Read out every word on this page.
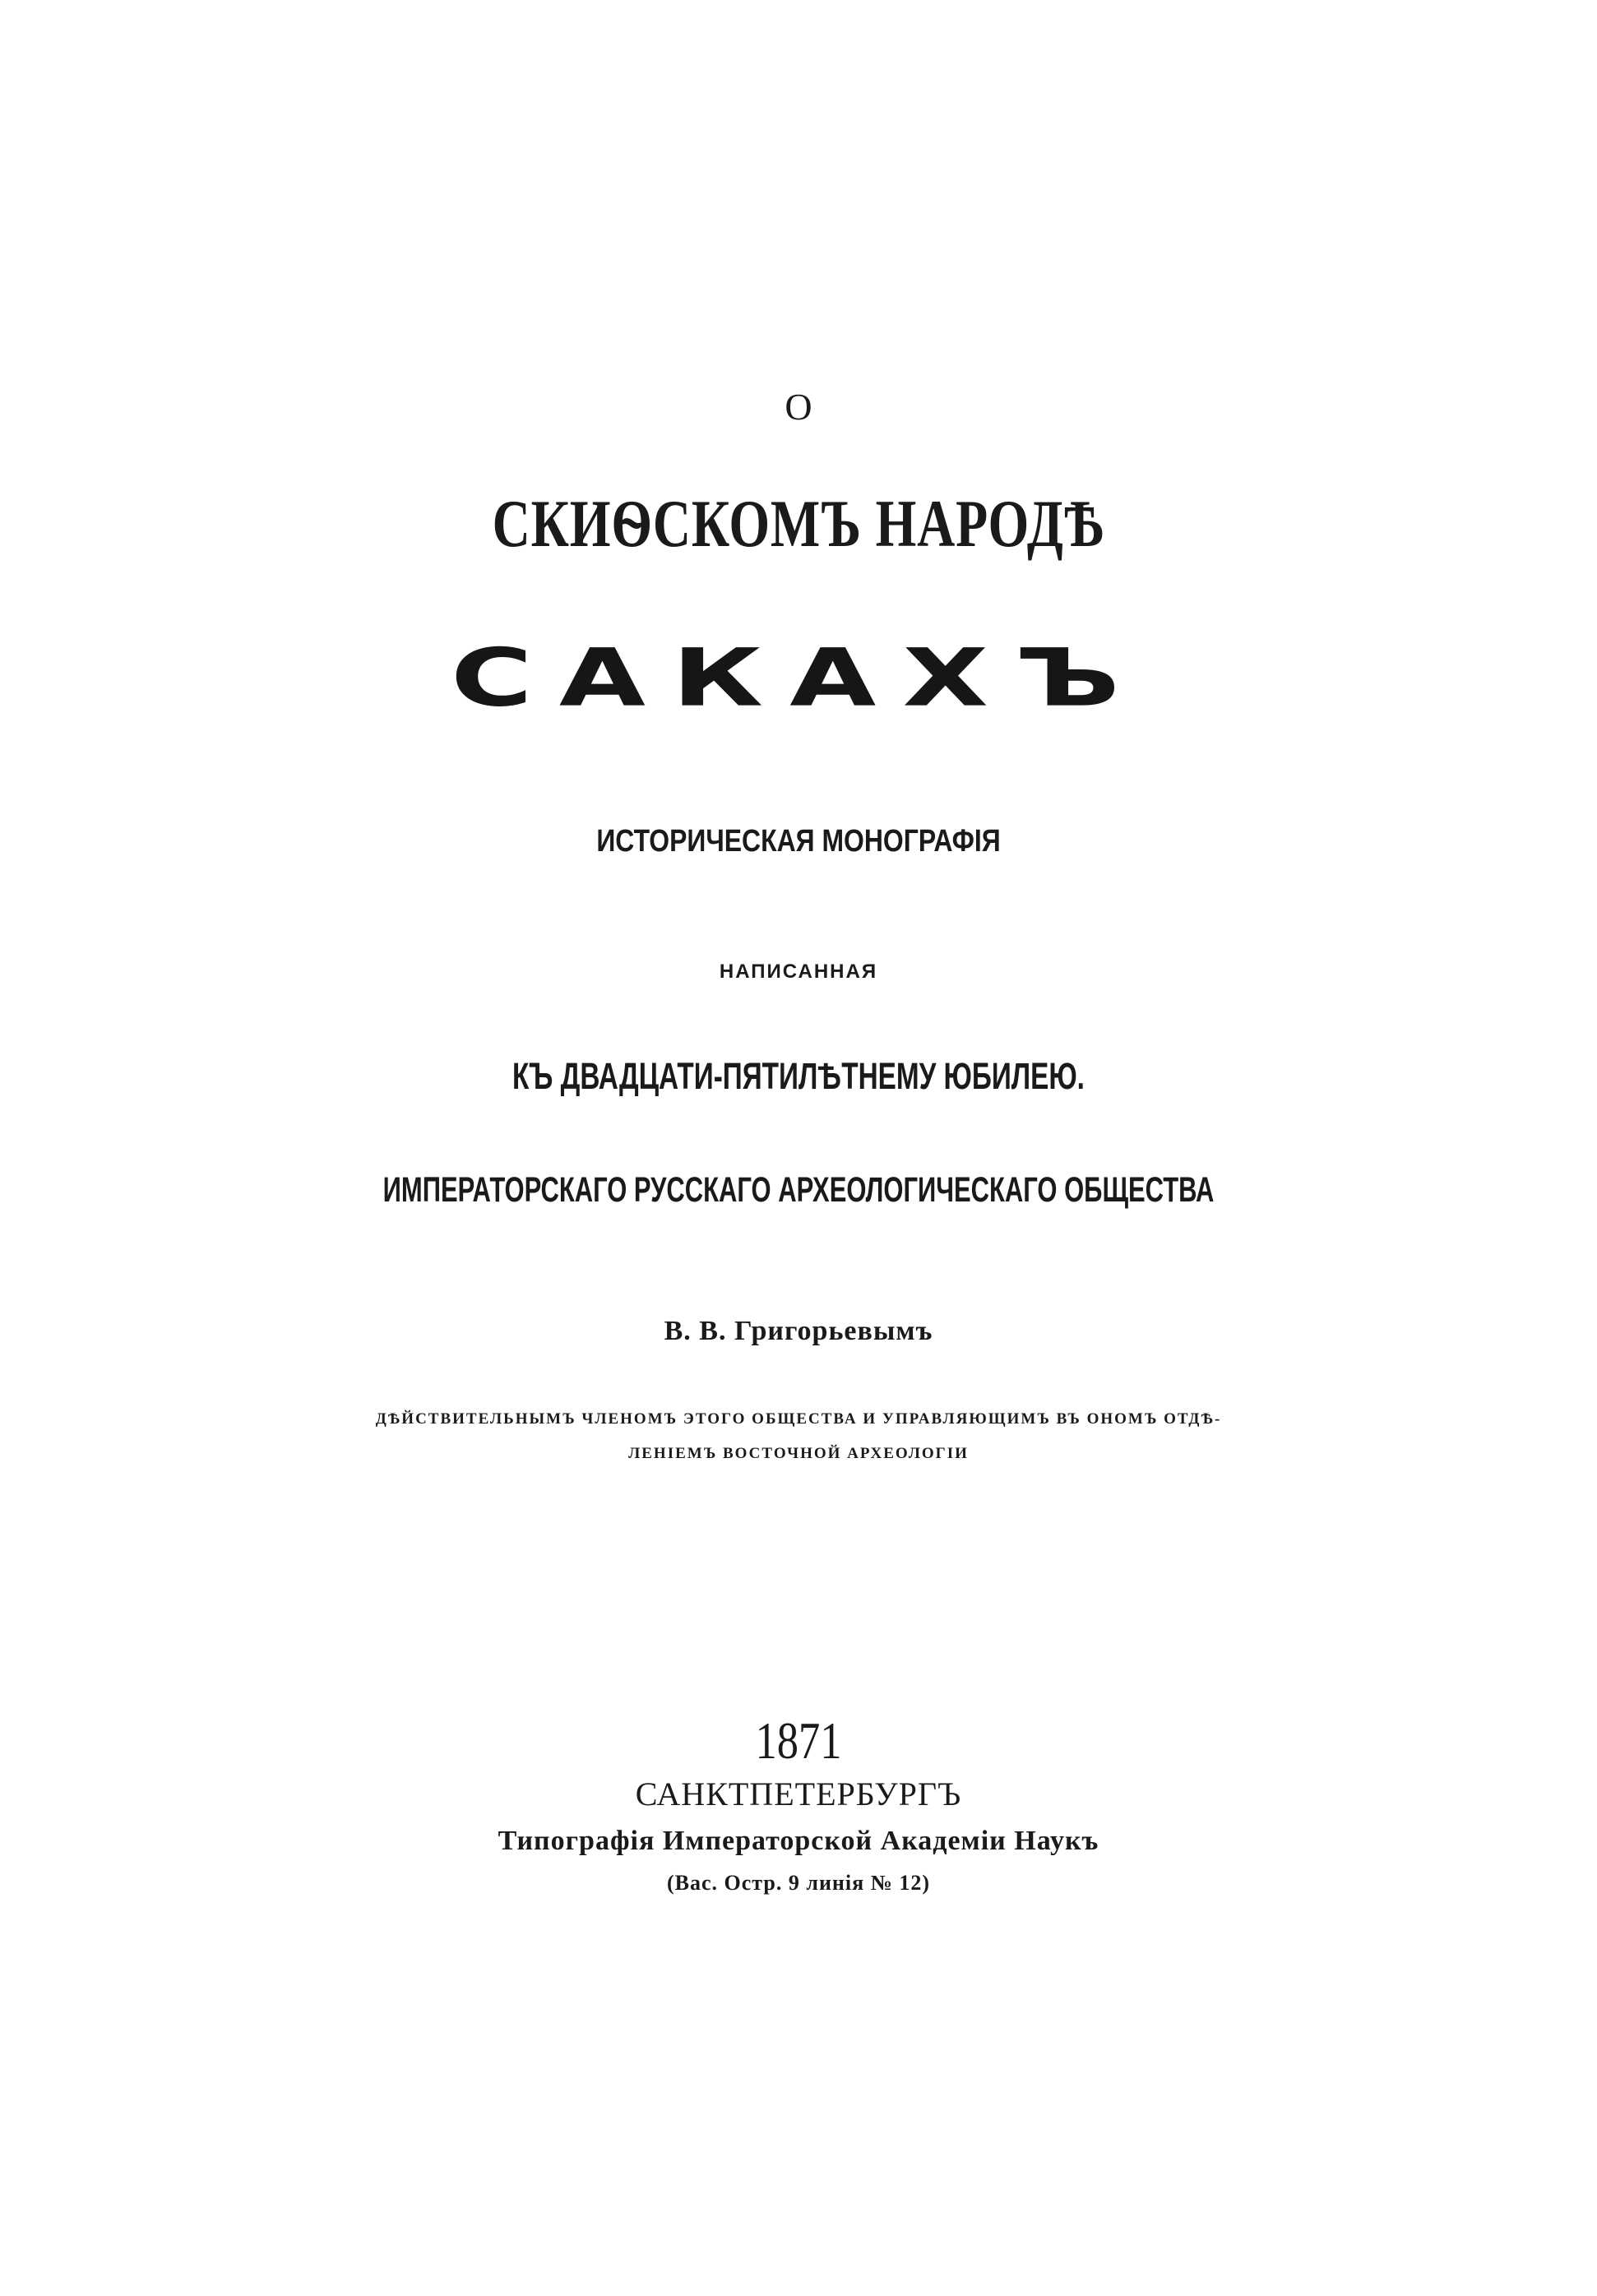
О
СКИѲСКОМЪ НАРОДѢ
САКАХЪ
ИСТОРИЧЕСКАЯ МОНОГРАФІЯ
НАПИСАННАЯ
КЪ ДВАДЦАТИ-ПЯТИЛѢТНЕМУ ЮБИЛЕЮ.
ИМПЕРАТОРСКАГО РУССКАГО АРХЕОЛОГИЧЕСКАГО ОБЩЕСТВА
В. В. Григорьевымъ
ДѢЙСТВИТЕЛЬНЫМЪ ЧЛЕНОМЪ ЭТОГО ОБЩЕСТВА И УПРАВЛЯЮЩИМЪ ВЪ ОНОМЪ ОТДѢ-
ЛЕНІЕМЪ ВОСТОЧНОЙ АРХЕОЛОГІИ
1871
САНКТПЕТЕРБУРГЪ
Типографія Императорской Академіи Наукъ
(Вас. Остр. 9 линія № 12)
